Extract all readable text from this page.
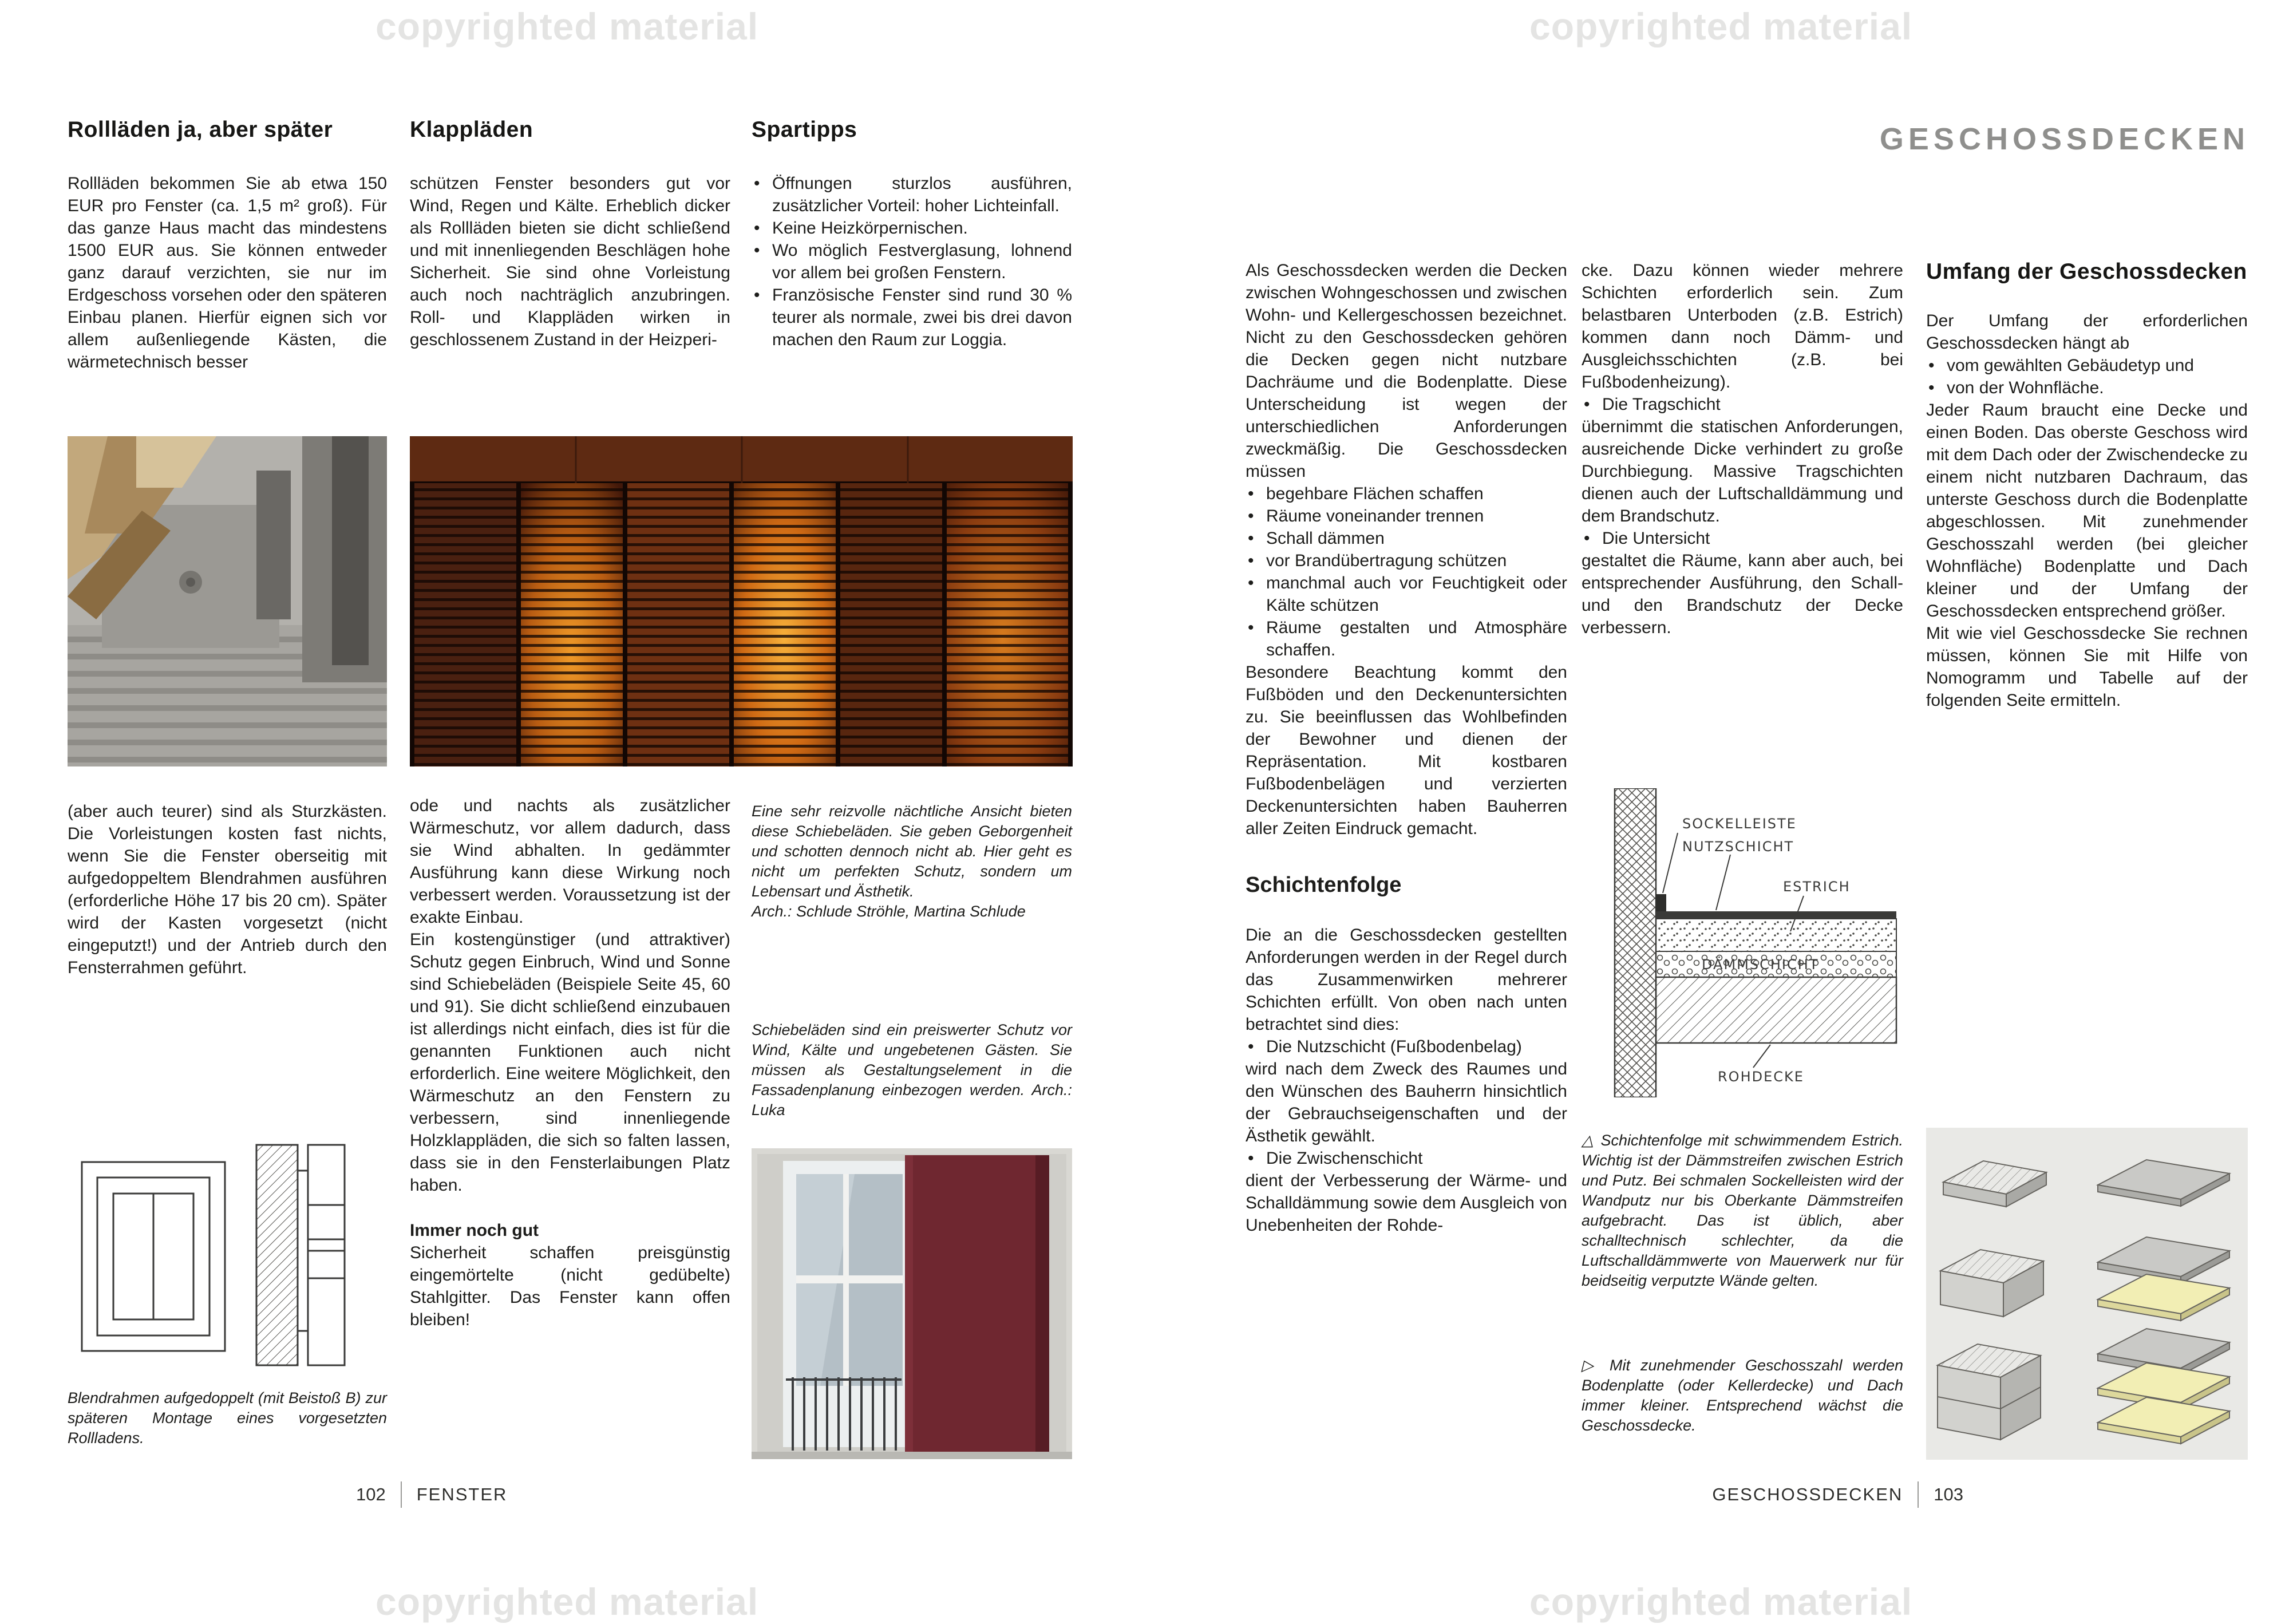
copyrighted material	copyrighted material
copyrighted material	copyrighted material
Rollläden ja, aber später

Rollläden bekommen Sie ab etwa 150 EUR pro Fenster (ca. 1,5 m² groß). Für das ganze Haus macht das mindestens 1500 EUR aus. Sie können entweder ganz darauf verzichten, sie nur im Erdgeschoss vorsehen oder den späteren Einbau planen. Hierfür eignen sich vor allem außenliegende Kästen, die wärmetechnisch besser

(aber auch teurer) sind als Sturzkästen. Die Vorleistungen kosten fast nichts, wenn Sie die Fenster oberseitig mit aufgedoppeltem Blendrahmen ausführen (erforderliche Höhe 17 bis 20 cm). Später wird der Kasten vorgesetzt (nicht eingeputzt!) und der Antrieb durch den Fensterrahmen geführt.

Blendrahmen aufgedoppelt (mit Beistoß B) zur späteren Montage eines vorgesetzten Rollladens.

Klappläden

schützen Fenster besonders gut vor Wind, Regen und Kälte. Erheblich dicker als Rollläden bieten sie dicht schließend und mit innenliegenden Beschlägen hohe Sicherheit. Sie sind ohne Vorleistung auch noch nachträglich anzubringen. Roll- und Klappläden wirken in geschlossenem Zustand in der Heizperi-

ode und nachts als zusätzlicher Wärmeschutz, vor allem dadurch, dass sie Wind abhalten. In gedämmter Ausführung kann diese Wirkung noch verbessert werden. Voraussetzung ist der exakte Einbau.

Ein kostengünstiger (und attraktiver) Schutz gegen Einbruch, Wind und Sonne sind Schiebeläden (Beispiele Seite 45, 60 und 91). Sie dicht schließend einzubauen ist allerdings nicht einfach, dies ist für die genannten Funktionen auch nicht erforderlich. Eine weitere Möglichkeit, den Wärmeschutz an den Fenstern zu verbessern, sind innenliegende Holzklappläden, die sich so falten lassen, dass sie in den Fensterlaibungen Platz haben.

Immer noch gut

Sicherheit schaffen preisgünstig eingemörtelte (nicht gedübelte) Stahlgitter. Das Fenster kann offen bleiben!

Spartipps
• Öffnungen sturzlos ausführen, zusätzlicher Vorteil: hoher Lichteinfall.
• Keine Heizkörpernischen.
• Wo möglich Festverglasung, lohnend vor allem bei großen Fenstern.
• Französische Fenster sind rund 30 % teurer als normale, zwei bis drei davon machen den Raum zur Loggia.

Eine sehr reizvolle nächtliche Ansicht bieten diese Schiebeläden. Sie geben Geborgenheit und schotten dennoch nicht ab. Hier geht es nicht um perfekten Schutz, sondern um Lebensart und Ästhetik.

Arch.: Schlude Ströhle, Martina Schlude

Schiebeläden sind ein preiswerter Schutz vor Wind, Kälte und ungebetenen Gästen. Sie müssen als Gestaltungselement in die Fassadenplanung einbezogen werden. Arch.: Luka

102 FENSTER
GESCHOSSDECKEN

Als Geschossdecken werden die Decken zwischen Wohngeschossen und zwischen Wohn- und Kellergeschossen bezeichnet. Nicht zu den Geschossdecken gehören die Decken gegen nicht nutzbare Dachräume und die Bodenplatte. Diese Unterscheidung ist wegen der unterschiedlichen Anforderungen zweckmäßig. Die Geschossdecken müssen

• begehbare Flächen schaffen
• Räume voneinander trennen
• Schall dämmen
• vor Brandübertragung schützen
• manchmal auch vor Feuchtigkeit oder Kälte schützen
• Räume gestalten und Atmosphäre schaffen.

Besondere Beachtung kommt den Fußböden und den Deckenuntersichten zu. Sie beeinflussen das Wohlbefinden der Bewohner und dienen der Repräsentation. Mit kostbaren Fußbodenbelägen und verzierten Deckenuntersichten haben Bauherren aller Zeiten Eindruck gemacht.

Schichtenfolge

Die an die Geschossdecken gestellten Anforderungen werden in der Regel durch das Zusammenwirken mehrerer Schichten erfüllt. Von oben nach unten betrachtet sind dies:

• Die Nutzschicht (Fußbodenbelag)

wird nach dem Zweck des Raumes und den Wünschen des Bauherrn hinsichtlich der Gebrauchseigenschaften und der Ästhetik gewählt.

• Die Zwischenschicht

dient der Verbesserung der Wärme- und Schalldämmung sowie dem Ausgleich von Unebenheiten der Rohde-

cke. Dazu können wieder mehrere Schichten erforderlich sein. Zum belastbaren Unterboden (z.B. Estrich) kommen dann noch Dämm- und Ausgleichsschichten (z.B. bei Fußbodenheizung).

• Die Tragschicht

übernimmt die statischen Anforderungen, ausreichende Dicke verhindert zu große Durchbiegung. Massive Tragschichten dienen auch der Luftschalldämmung und dem Brandschutz.

• Die Untersicht

gestaltet die Räume, kann aber auch, bei entsprechender Ausführung, den Schall- und den Brandschutz der Decke verbessern.

SOCKELLEISTE
NUTZSCHICHT
ESTRICH
DÄMMSCHICHT
ROHDECKE

△ Schichtenfolge mit schwimmendem Estrich. Wichtig ist der Dämmstreifen zwischen Estrich und Putz. Bei schmalen Sockelleisten wird der Wandputz nur bis Oberkante Dämmstreifen aufgebracht. Das ist üblich, aber schalltechnisch schlechter, da die Luftschalldämmwerte von Mauerwerk nur für beidseitig verputzte Wände gelten.

▷ Mit zunehmender Geschosszahl werden Bodenplatte (oder Kellerdecke) und Dach immer kleiner. Entsprechend wächst die Geschossdecke.

Umfang der Geschossdecken

Der Umfang der erforderlichen Geschossdecken hängt ab

• vom gewählten Gebäudetyp und
• von der Wohnfläche.

Jeder Raum braucht eine Decke und einen Boden. Das oberste Geschoss wird mit dem Dach oder der Zwischendecke zu einem nicht nutzbaren Dachraum, das unterste Geschoss durch die Bodenplatte abgeschlossen. Mit zunehmender Geschosszahl werden (bei gleicher Wohnfläche) Bodenplatte und Dach kleiner und der Umfang der Geschossdecken entsprechend größer.

Mit wie viel Geschossdecke Sie rechnen müssen, können Sie mit Hilfe von Nomogramm und Tabelle auf der folgenden Seite ermitteln.

GESCHOSSDECKEN 103
